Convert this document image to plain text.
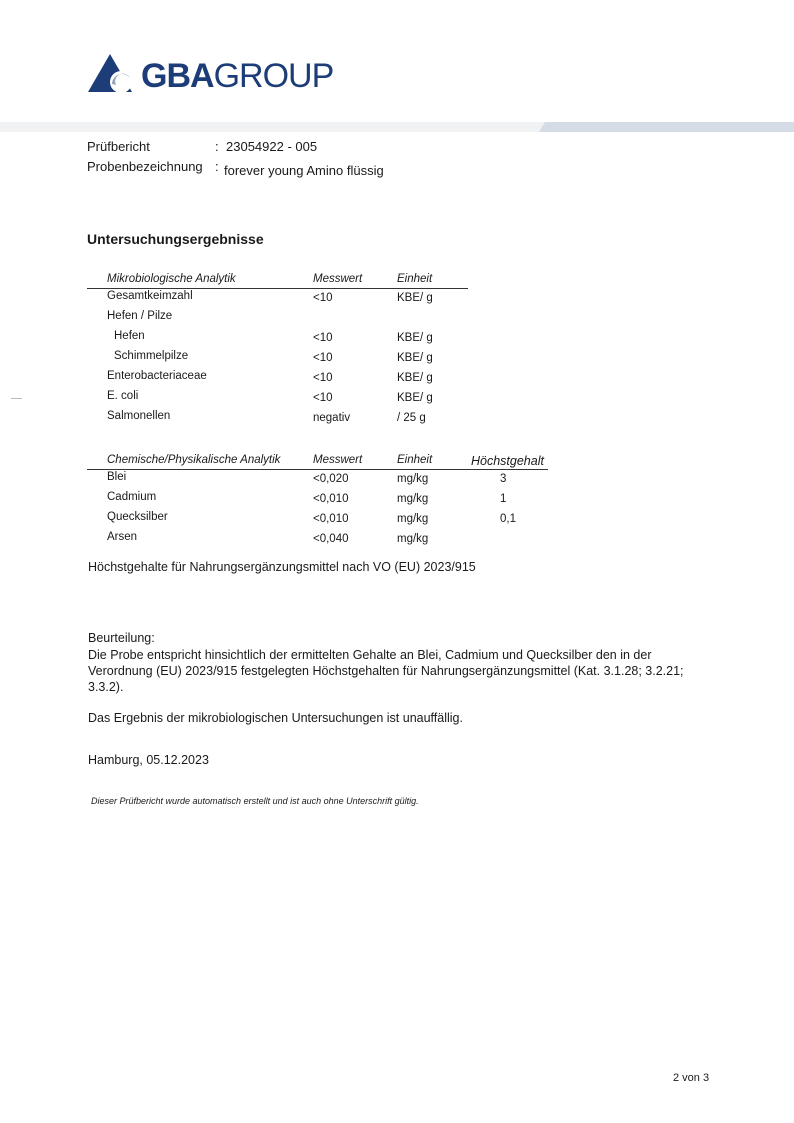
GBAGROUP
Prüfbericht	: 23054922 - 005
Probenbezeichnung : forever young Amino flüssig
Untersuchungsergebnisse
Mikrobiologische Analytik	Messwert	Einheit
Gesamtkeimzahl	<10	KBE/ g
Hefen / Pilze
Hefen	<10	KBE/ g
Schimmelpilze	<10	KBE/ g
Enterobacteriaceae	<10	KBE/ g
E. coli	<10	KBE/ g
Salmonellen	negativ	/ 25 g
Chemische/Physikalische Analytik	Messwert	Einheit	Höchstgehalt
Blei	<0,020	mg/kg	3
Cadmium	<0,010	mg/kg	1
Quecksilber	<0,010	mg/kg	0,1
Arsen	<0,040	mg/kg
Höchstgehalte für Nahrungsergänzungsmittel nach VO (EU) 2023/915
Beurteilung:
Die Probe entspricht hinsichtlich der ermittelten Gehalte an Blei, Cadmium und Quecksilber den in der Verordnung (EU) 2023/915 festgelegten Höchstgehalten für Nahrungsergänzungsmittel (Kat. 3.1.28; 3.2.21; 3.3.2).
Das Ergebnis der mikrobiologischen Untersuchungen ist unauffällig.
Hamburg, 05.12.2023
Dieser Prüfbericht wurde automatisch erstellt und ist auch ohne Unterschrift gültig.
2 von 3
